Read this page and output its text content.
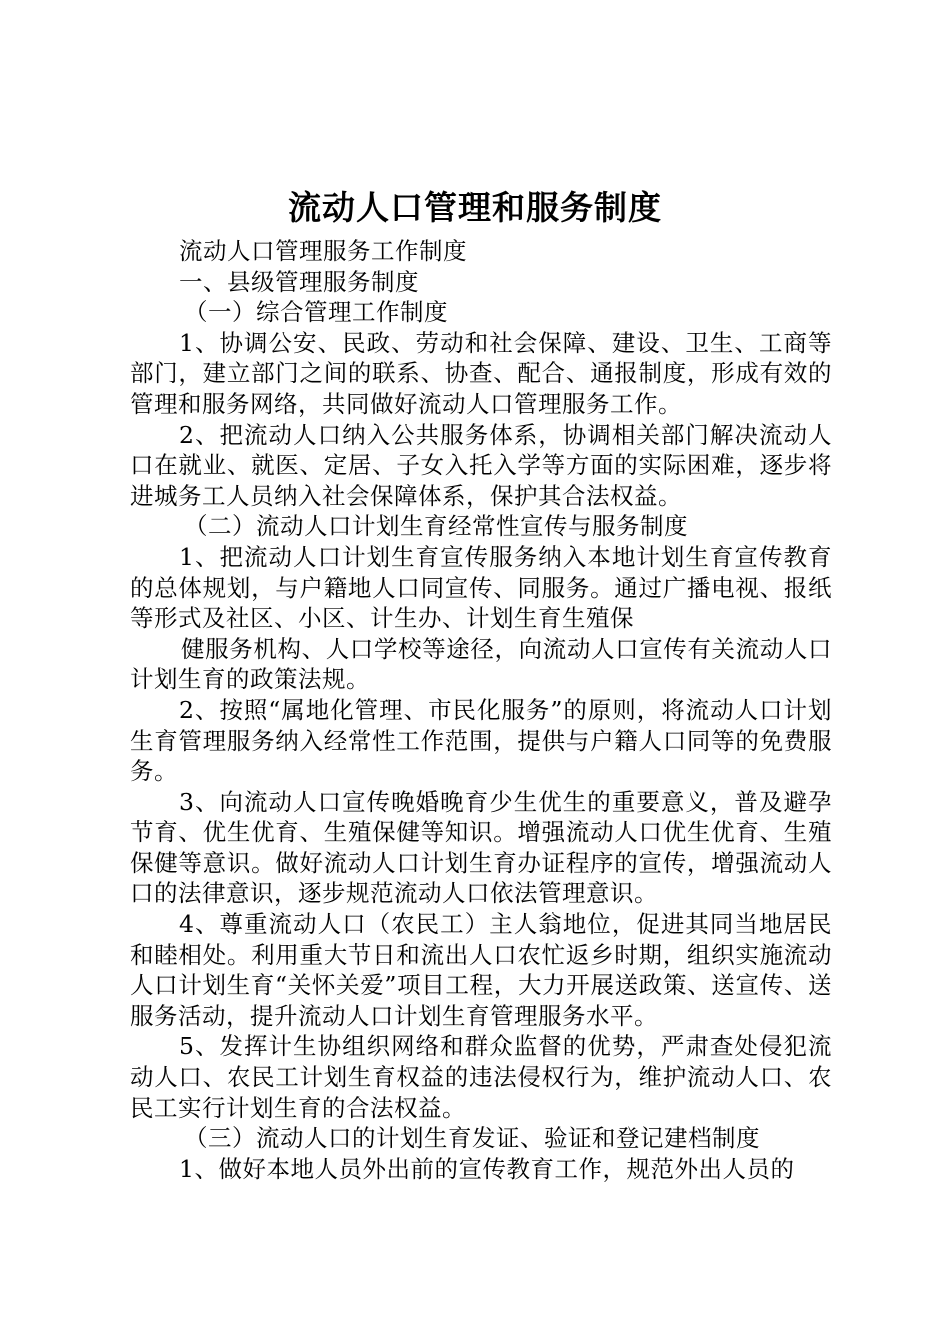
流动人口管理和服务制度

流动人口管理服务工作制度

一、县级管理服务制度

（一）综合管理工作制度

1、协调公安、民政、劳动和社会保障、建设、卫生、工商等部门，建立部门之间的联系、协查、配合、通报制度，形成有效的管理和服务网络，共同做好流动人口管理服务工作。

2、把流动人口纳入公共服务体系，协调相关部门解决流动人口在就业、就医、定居、子女入托入学等方面的实际困难，逐步将进城务工人员纳入社会保障体系，保护其合法权益。

（二）流动人口计划生育经常性宣传与服务制度

1、把流动人口计划生育宣传服务纳入本地计划生育宣传教育的总体规划，与户籍地人口同宣传、同服务。通过广播电视、报纸等形式及社区、小区、计生办、计划生育生殖保

健服务机构、人口学校等途径，向流动人口宣传有关流动人口计划生育的政策法规。

2、按照“属地化管理、市民化服务”的原则，将流动人口计划生育管理服务纳入经常性工作范围，提供与户籍人口同等的免费服务。

3、向流动人口宣传晚婚晚育少生优生的重要意义，普及避孕节育、优生优育、生殖保健等知识。增强流动人口优生优育、生殖保健等意识。做好流动人口计划生育办证程序的宣传，增强流动人口的法律意识，逐步规范流动人口依法管理意识。

4、尊重流动人口（农民工）主人翁地位，促进其同当地居民和睦相处。利用重大节日和流出人口农忙返乡时期，组织实施流动人口计划生育“关怀关爱”项目工程，大力开展送政策、送宣传、送服务活动，提升流动人口计划生育管理服务水平。

5、发挥计生协组织网络和群众监督的优势，严肃查处侵犯流动人口、农民工计划生育权益的违法侵权行为，维护流动人口、农民工实行计划生育的合法权益。

（三）流动人口的计划生育发证、验证和登记建档制度

1、做好本地人员外出前的宣传教育工作，规范外出人员的
